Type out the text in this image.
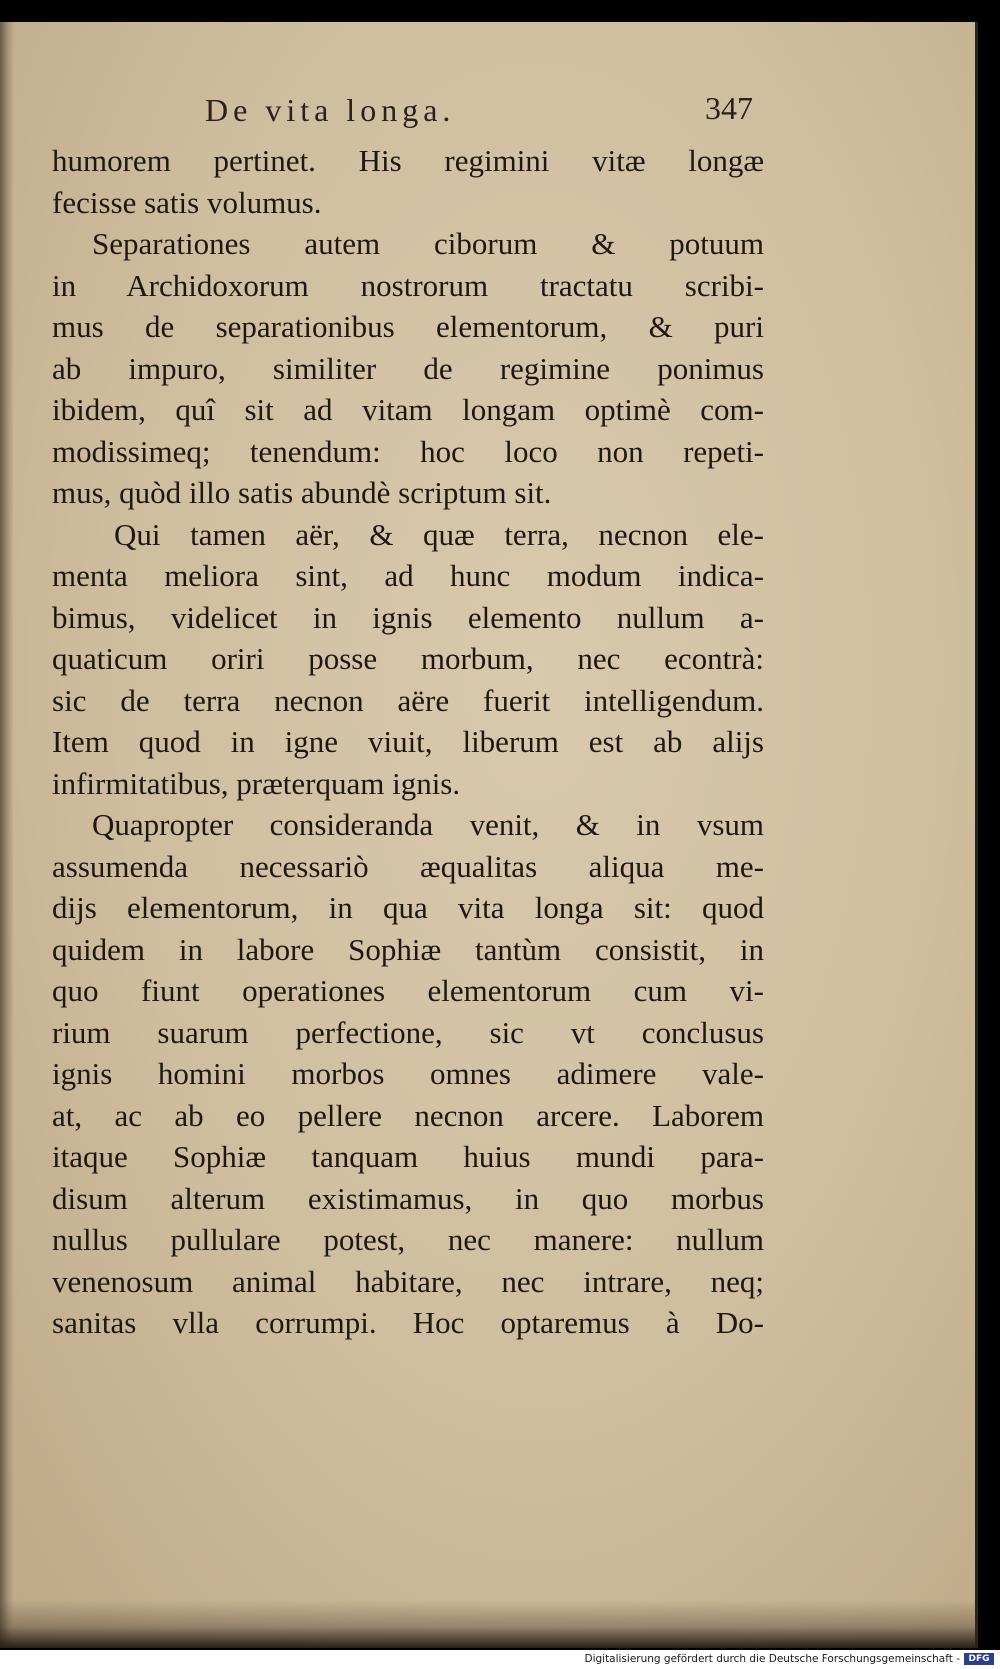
De vita longa.	347
humorem pertinet. His regimini vitæ longæ
fecisse satis volumus.
Separationes autem ciborum & potuum
in Archidoxorum nostrorum tractatu scribi-
mus de separationibus elementorum, & puri
ab impuro, similiter de regimine ponimus
ibidem, quî sit ad vitam longam optimè com-
modissimeq; tenendum: hoc loco non repeti-
mus, quòd illo satis abundè scriptum sit.
Qui tamen aër, & quæ terra, necnon ele-
menta meliora sint, ad hunc modum indica-
bimus, videlicet in ignis elemento nullum a-
quaticum oriri posse morbum, nec econtrà:
sic de terra necnon aëre fuerit intelligendum.
Item quod in igne viuit, liberum est ab alijs
infirmitatibus, præterquam ignis.
Quapropter considerandа venit, & in vsum
assumenda necessariò æqualitas aliqua me-
dijs elementorum, in qua vita longa sit: quod
quidem in labore Sophiæ tantùm consistit, in
quo fiunt operationes elementorum cum vi-
rium suarum perfectione, sic vt conclusus
ignis homini morbos omnes adimere vale-
at, ac ab eo pellere necnon arcere. Laborem
itaque Sophiæ tanquam huius mundi para-
disum alterum existimamus, in quo morbus
nullus pullulare potest, nec manere: nullum
venenosum animal habitare, nec intrare, neq;
sanitas vlla corrumpi. Hoc optaremus à Do-
Digitalisierung gefördert durch die Deutsche Forschungsgemeinschaft - DFG
